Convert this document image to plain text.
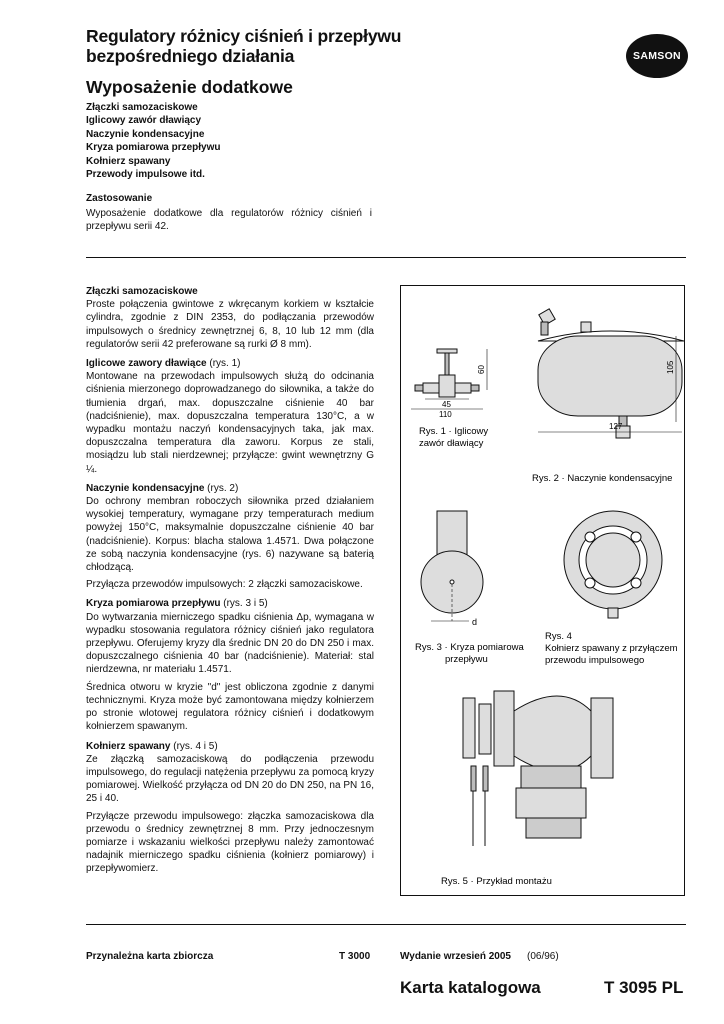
Regulatory różnicy ciśnień i przepływu
bezpośredniego działania
Wyposażenie dodatkowe
SAMSON
Złączki samozaciskowe
Iglicowy zawór dławiący
Naczynie kondensacyjne
Kryza pomiarowa przepływu
Kołnierz spawany
Przewody impulsowe itd.
Zastosowanie
Wyposażenie dodatkowe dla regulatorów różnicy ciśnień i przepływu serii 42.
Złączki samozaciskowe

Proste połączenia gwintowe z wkręcanym korkiem w kształcie cylindra, zgodnie z DIN 2353, do podłączania przewodów impulsowych o średnicy zewnętrznej 6, 8, 10 lub 12 mm (dla regulatorów serii 42 preferowane są rurki Ø 8 mm).

Iglicowe zawory dławiące (rys. 1)

Montowane na przewodach impulsowych służą do odcinania ciśnienia mierzonego doprowadzanego do siłownika, a także do tłumienia drgań, max. dopuszczalne ciśnienie 40 bar (nadciśnienie), max. dopuszczalna temperatura 130°C, a w wypadku montażu naczyń kondensacyjnych taka, jak max. dopuszczalna temperatura dla zaworu. Korpus ze stali, mosiądzu lub stali nierdzewnej; przyłącze: gwint wewnętrzny G ¼.

Naczynie kondensacyjne (rys. 2)

Do ochrony membran roboczych siłownika przed działaniem wysokiej temperatury, wymagane przy temperaturach medium powyżej 150°C, maksymalnie dopuszczalne ciśnienie 40 bar (nadciśnienie). Korpus: blacha stalowa 1.4571. Dwa połączone ze sobą naczynia kondensacyjne (rys. 6) nazywane są baterią chłodzącą.

Przyłącza przewodów impulsowych: 2 złączki samozaciskowe.

Kryza pomiarowa przepływu (rys. 3 i 5)

Do wytwarzania mierniczego spadku ciśnienia Δp, wymagana w wypadku stosowania regulatora różnicy ciśnień jako regulatora przepływu. Oferujemy kryzy dla średnic DN 20 do DN 250 i max. dopuszczalnego ciśnienia 40 bar (nadciśnienie). Materiał: stal nierdzewna, nr materiału 1.4571.

Średnica otworu w kryzie "d" jest obliczona zgodnie z danymi technicznymi. Kryza może być zamontowana między kołnierzem po stronie wlotowej regulatora różnicy ciśnień i dodatkowym kołnierzem spawanym.

Kołnierz spawany (rys. 4 i 5)

Ze złączką samozaciskową do podłączenia przewodu impulsowego, do regulacji natężenia przepływu za pomocą kryzy pomiarowej. Wielkość przyłącza od DN 20 do DN 250, na PN 16, 25 i 40.

Przyłącze przewodu impulsowego: złączka samozaciskowa dla przewodu o średnicy zewnętrznej 8 mm. Przy jednoczesnym pomiarze i wskazaniu wielkości przepływu należy zamontować nadajnik mierniczego spadku ciśnienia (kołnierz pomiarowy) i przepływomierz.

60
45
110
Rys. 1 · Iglicowy
zawór dławiący
105
127
Rys. 2 · Naczynie kondensacyjne
d
Rys. 3 · Kryza pomiarowa
przepływu
Rys. 4
Kołnierz spawany z przyłączem
przewodu impulsowego
Rys. 5 · Przykład montażu
Przynależna karta zbiorcza	T 3000	Wydanie wrzesień 2005 (06/96)
Karta katalogowa	T 3095 PL
